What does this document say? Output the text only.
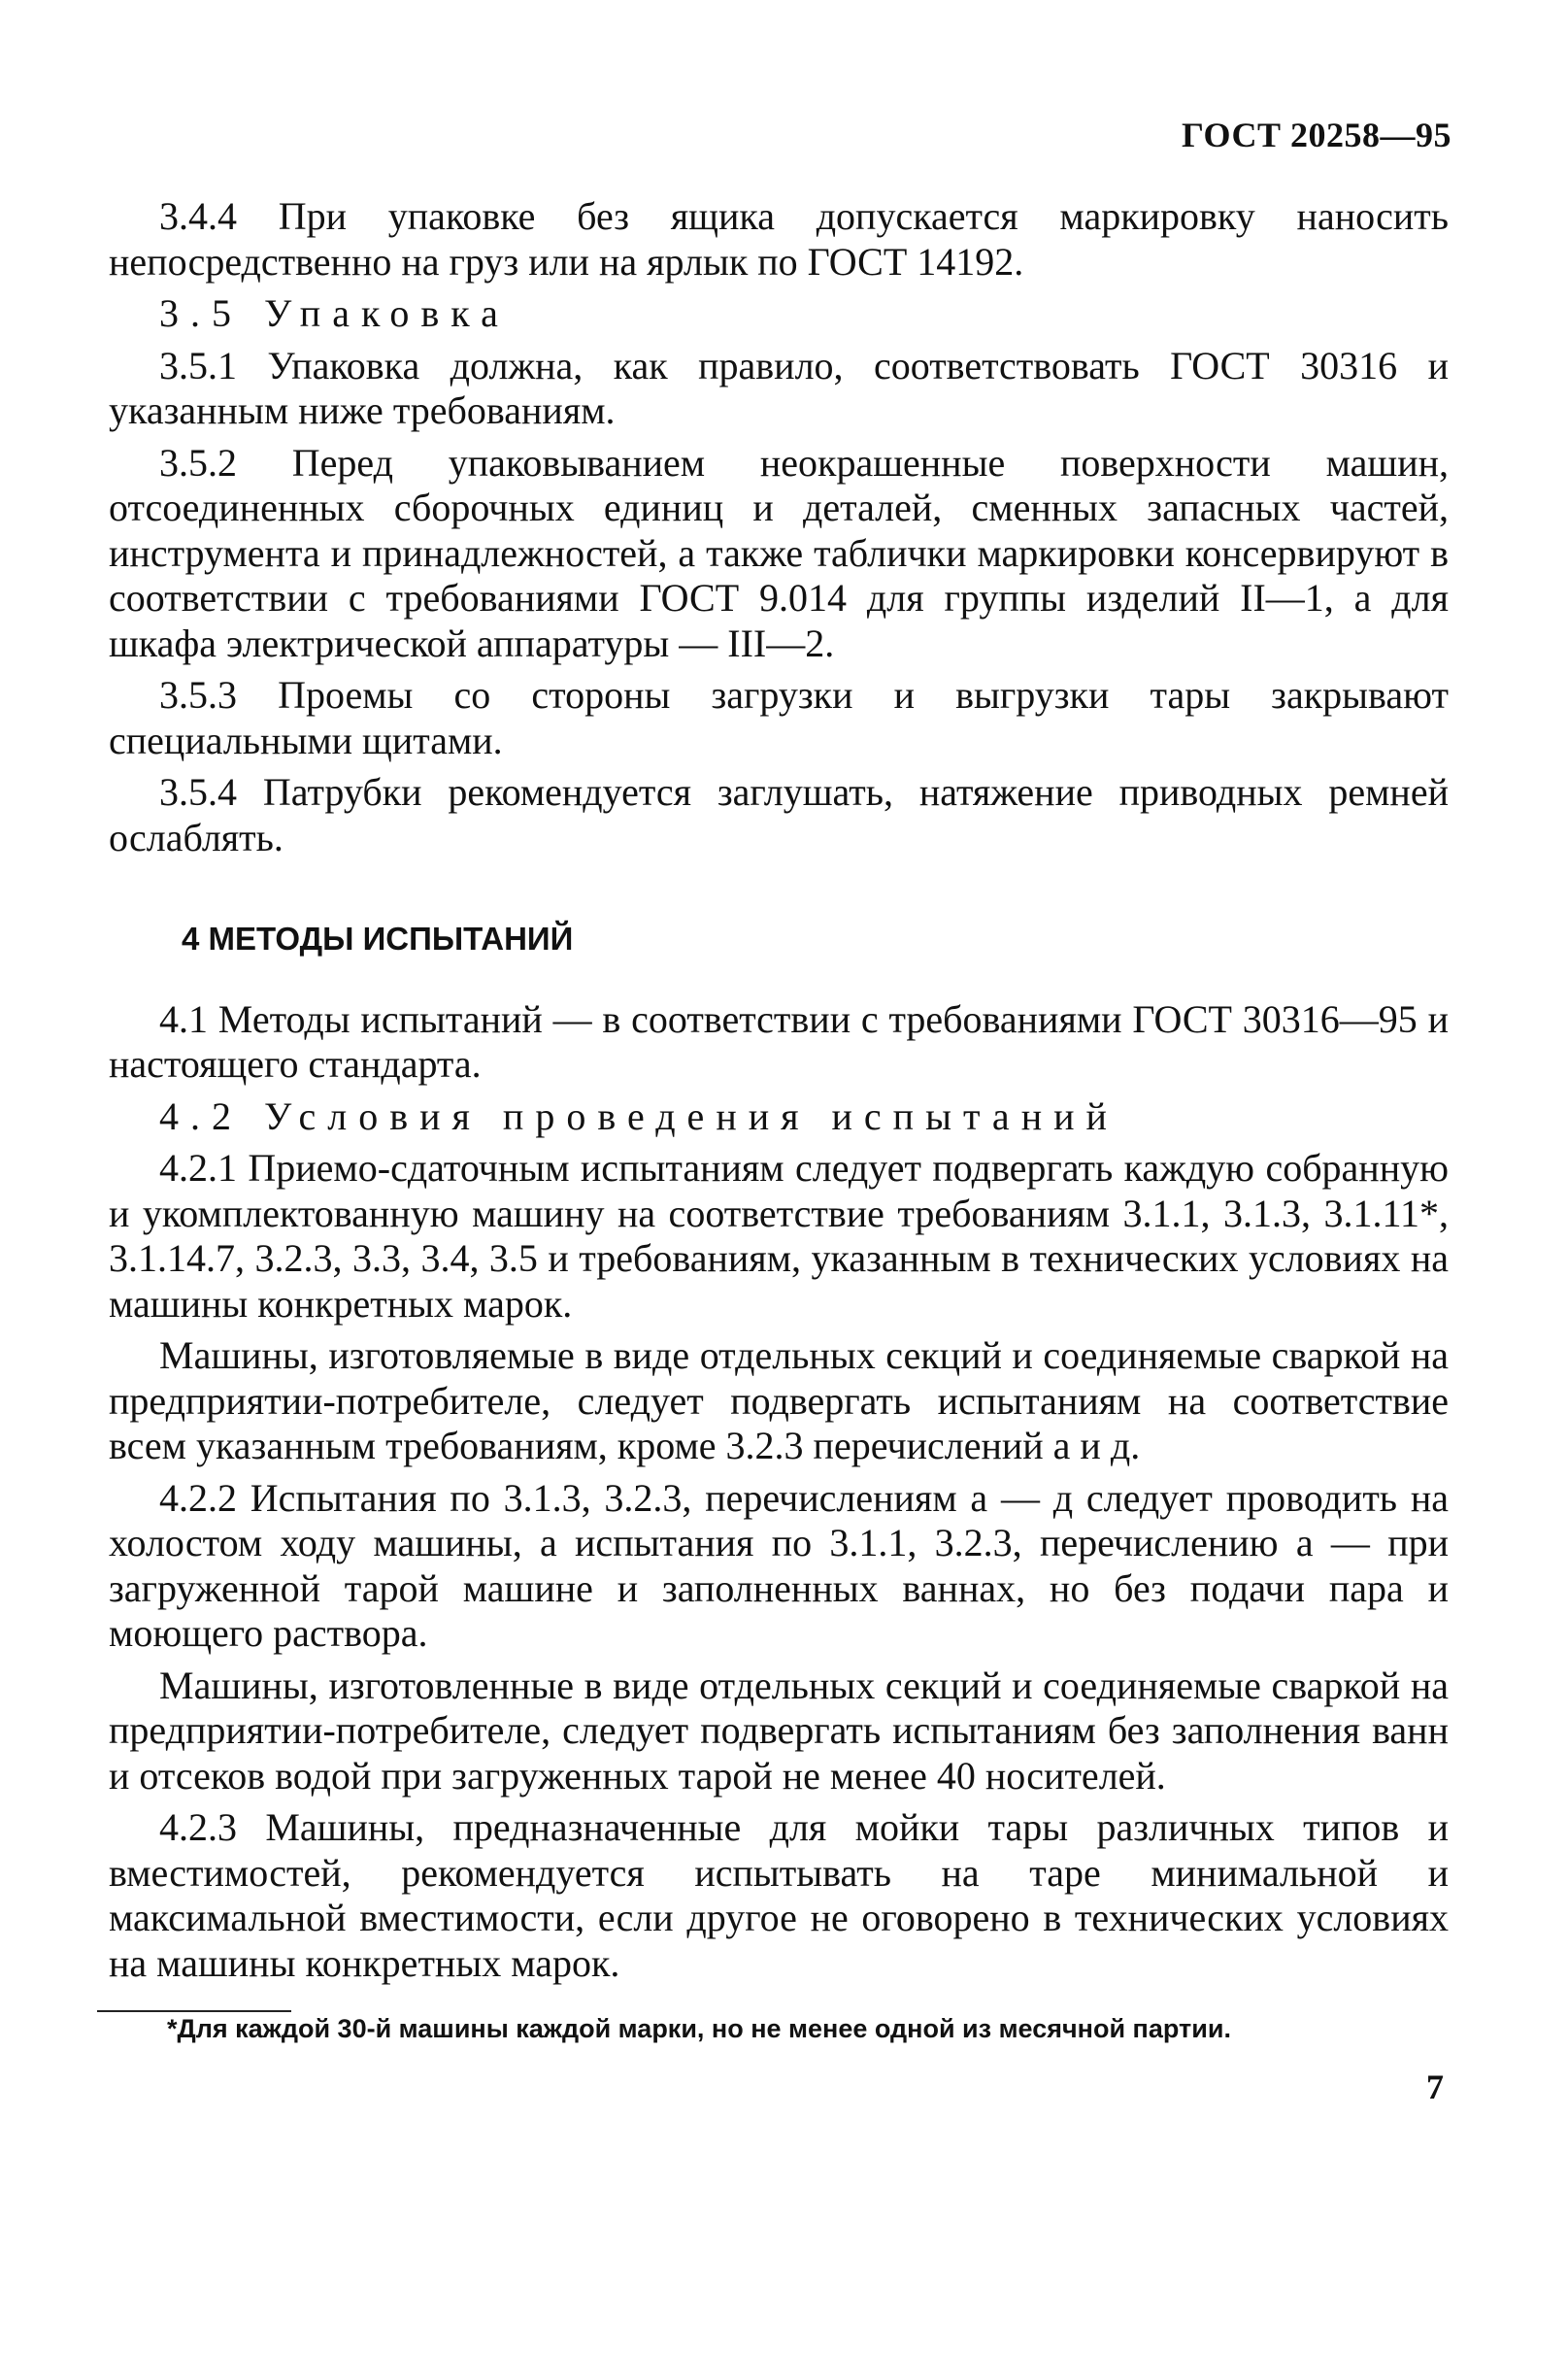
ГОСТ 20258—95

3.4.4 При упаковке без ящика допускается маркировку наносить непосредственно на груз или на ярлык по ГОСТ 14192.

3.5 Упаковка

3.5.1 Упаковка должна, как правило, соответствовать ГОСТ 30316 и указанным ниже требованиям.

3.5.2 Перед упаковыванием неокрашенные поверхности машин, отсоединенных сборочных единиц и деталей, сменных запасных частей, инструмента и принадлежностей, а также таблички маркировки консервируют в соответствии с требованиями ГОСТ 9.014 для группы изделий II—1, а для шкафа электрической аппаратуры — III—2.

3.5.3 Проемы со стороны загрузки и выгрузки тары закрывают специальными щитами.

3.5.4 Патрубки рекомендуется заглушать, натяжение приводных ремней ослаблять.

4 МЕТОДЫ ИСПЫТАНИЙ

4.1 Методы испытаний — в соответствии с требованиями ГОСТ 30316—95 и настоящего стандарта.

4.2 Условия проведения испытаний

4.2.1 Приемо-сдаточным испытаниям следует подвергать каждую собранную и укомплектованную машину на соответствие требованиям 3.1.1, 3.1.3, 3.1.11*, 3.1.14.7, 3.2.3, 3.3, 3.4, 3.5 и требованиям, указанным в технических условиях на машины конкретных марок.

Машины, изготовляемые в виде отдельных секций и соединяемые сваркой на предприятии-потребителе, следует подвергать испытаниям на соответствие всем указанным требованиям, кроме 3.2.3 перечислений а и д.

4.2.2 Испытания по 3.1.3, 3.2.3, перечислениям а — д следует проводить на холостом ходу машины, а испытания по 3.1.1, 3.2.3, перечислению а — при загруженной тарой машине и заполненных ваннах, но без подачи пара и моющего раствора.

Машины, изготовленные в виде отдельных секций и соединяемые сваркой на предприятии-потребителе, следует подвергать испытаниям без заполнения ванн и отсеков водой при загруженных тарой не менее 40 носителей.

4.2.3 Машины, предназначенные для мойки тары различных типов и вместимостей, рекомендуется испытывать на таре минимальной и максимальной вместимости, если другое не оговорено в технических условиях на машины конкретных марок.

*Для каждой 30-й машины каждой марки, но не менее одной из месячной партии.
7
